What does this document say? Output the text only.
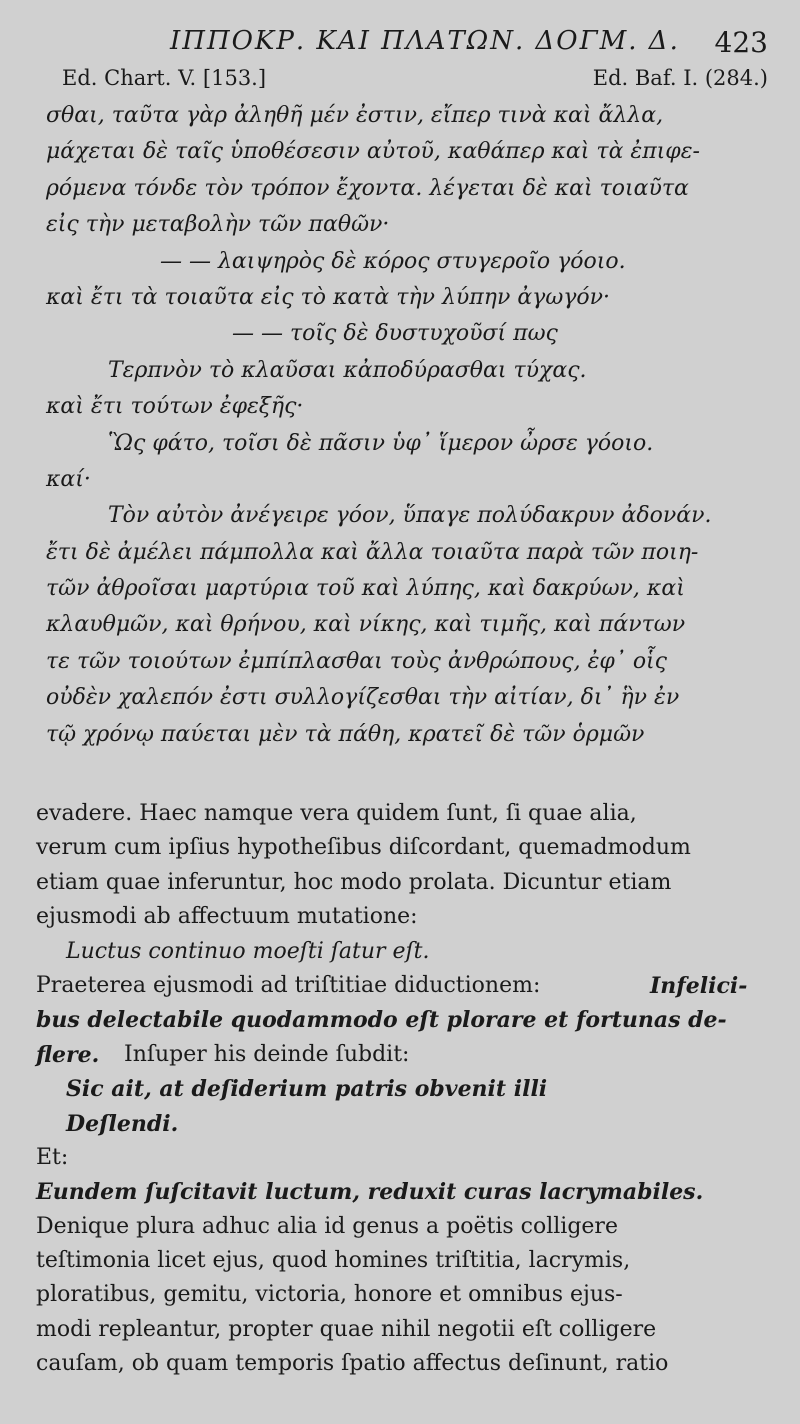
ΙΠΠΟΚΡ. ΚΑΙ ΠΛΑΤΩΝ. ΔΟΓΜ. Δ. 423
Ed. Chart. V. [153.]	Ed. Baf. I. (284.)
σθαι, ταῦτα γὰρ ἀληθῆ μέν ἐστιν, εἴπερ τινὰ καὶ ἄλλα,
μάχεται δὲ ταῖς ὑποθέσεσιν αὐτοῦ, καθάπερ καὶ τὰ ἐπιφε-
ρόμενα τόνδε τὸν τρόπον ἔχοντα. λέγεται δὲ καὶ τοιαῦτα
εἰς τὴν μεταβολὴν τῶν παθῶν·
— — λαιψηρὸς δὲ κόρος στυγεροῖο γόοιο.
καὶ ἔτι τὰ τοιαῦτα εἰς τὸ κατὰ τὴν λύπην ἀγωγόν·
— — τοῖς δὲ δυστυχοῦσί πως
Τερπνὸν τὸ κλαῦσαι κἀποδύρασθαι τύχας.
καὶ ἔτι τούτων ἐφεξῆς·
Ὣς φάτο, τοῖσι δὲ πᾶσιν ὑφ᾽ ἵμερον ὦρσε γόοιο.
καί·
Τὸν αὐτὸν ἀνέγειρε γόον, ὕπαγε πολύδακρυν ἀδονάν.
ἔτι δὲ ἀμέλει πάμπολλα καὶ ἄλλα τοιαῦτα παρὰ τῶν ποιη-
τῶν ἀθροῖσαι μαρτύρια τοῦ καὶ λύπης, καὶ δακρύων, καὶ
κλαυθμῶν, καὶ θρήνου, καὶ νίκης, καὶ τιμῆς, καὶ πάντων
τε τῶν τοιούτων ἐμπίπλασθαι τοὺς ἀνθρώπους, ἐφ᾽ οἷς
οὐδὲν χαλεπόν ἐστι συλλογίζεσθαι τὴν αἰτίαν, δι᾽ ἣν ἐν
τῷ χρόνῳ παύεται μὲν τὰ πάθη, κρατεῖ δὲ τῶν ὁρμῶν
evadere. Haec namque vera quidem ſunt, ſi quae alia,
verum cum ipſius hypotheſibus diſcordant, quemadmodum
etiam quae inferuntur, hoc modo prolata. Dicuntur etiam
ejusmodi ab affectuum mutatione:
Luctus continuo moeſti ſatur eſt.
Praeterea ejusmodi ad triſtitiae diductionem:	Infelici-
bus delectabile quodammodo eſt plorare et fortunas de-
flere. Inſuper his deinde ſubdit:
Sic ait, at deſiderium patris obvenit illi
Deſlendi.
Et:
Eundem ſuſcitavit luctum, reduxit curas lacrymabiles.
Denique plura adhuc alia id genus a poëtis colligere
teſtimonia licet ejus, quod homines triſtitia, lacrymis,
ploratibus, gemitu, victoria, honore et omnibus ejus-
modi repleantur, propter quae nihil negotii eſt colligere
cauſam, ob quam temporis ſpatio affectus deſinunt, ratio
